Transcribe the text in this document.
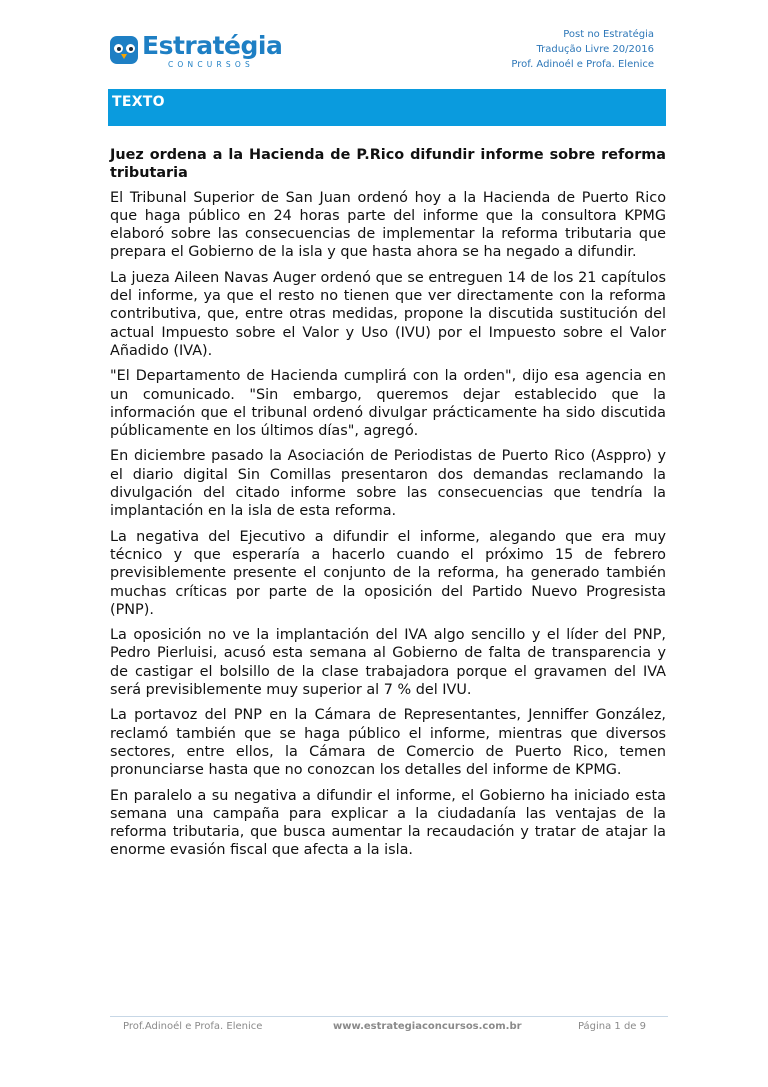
Estratégia
CONCURSOS
Post no Estratégia
Tradução Livre 20/2016
Prof. Adinoél e Profa. Elenice
TEXTO
Juez ordena a la Hacienda de P.Rico difundir informe sobre reforma tributaria

El Tribunal Superior de San Juan ordenó hoy a la Hacienda de Puerto Rico que haga público en 24 horas parte del informe que la consultora KPMG elaboró sobre las consecuencias de implementar la reforma tributaria que prepara el Gobierno de la isla y que hasta ahora se ha negado a difundir.

La jueza Aileen Navas Auger ordenó que se entreguen 14 de los 21 capítulos del informe, ya que el resto no tienen que ver directamente con la reforma contributiva, que, entre otras medidas, propone la discutida sustitución del actual Impuesto sobre el Valor y Uso (IVU) por el Impuesto sobre el Valor Añadido (IVA).

"El Departamento de Hacienda cumplirá con la orden", dijo esa agencia en un comunicado. "Sin embargo, queremos dejar establecido que la información que el tribunal ordenó divulgar prácticamente ha sido discutida públicamente en los últimos días", agregó.

En diciembre pasado la Asociación de Periodistas de Puerto Rico (Asppro) y el diario digital Sin Comillas presentaron dos demandas reclamando la divulgación del citado informe sobre las consecuencias que tendría la implantación en la isla de esta reforma.

La negativa del Ejecutivo a difundir el informe, alegando que era muy técnico y que esperaría a hacerlo cuando el próximo 15 de febrero previsiblemente presente el conjunto de la reforma, ha generado también muchas críticas por parte de la oposición del Partido Nuevo Progresista (PNP).

La oposición no ve la implantación del IVA algo sencillo y el líder del PNP, Pedro Pierluisi, acusó esta semana al Gobierno de falta de transparencia y de castigar el bolsillo de la clase trabajadora porque el gravamen del IVA será previsiblemente muy superior al 7 % del IVU.

La portavoz del PNP en la Cámara de Representantes, Jenniffer González, reclamó también que se haga público el informe, mientras que diversos sectores, entre ellos, la Cámara de Comercio de Puerto Rico, temen pronunciarse hasta que no conozcan los detalles del informe de KPMG.

En paralelo a su negativa a difundir el informe, el Gobierno ha iniciado esta semana una campaña para explicar a la ciudadanía las ventajas de la reforma tributaria, que busca aumentar la recaudación y tratar de atajar la enorme evasión fiscal que afecta a la isla.

Prof.Adinoél e Profa. Elenice	www.estrategiaconcursos.com.br	Página 1 de 9
